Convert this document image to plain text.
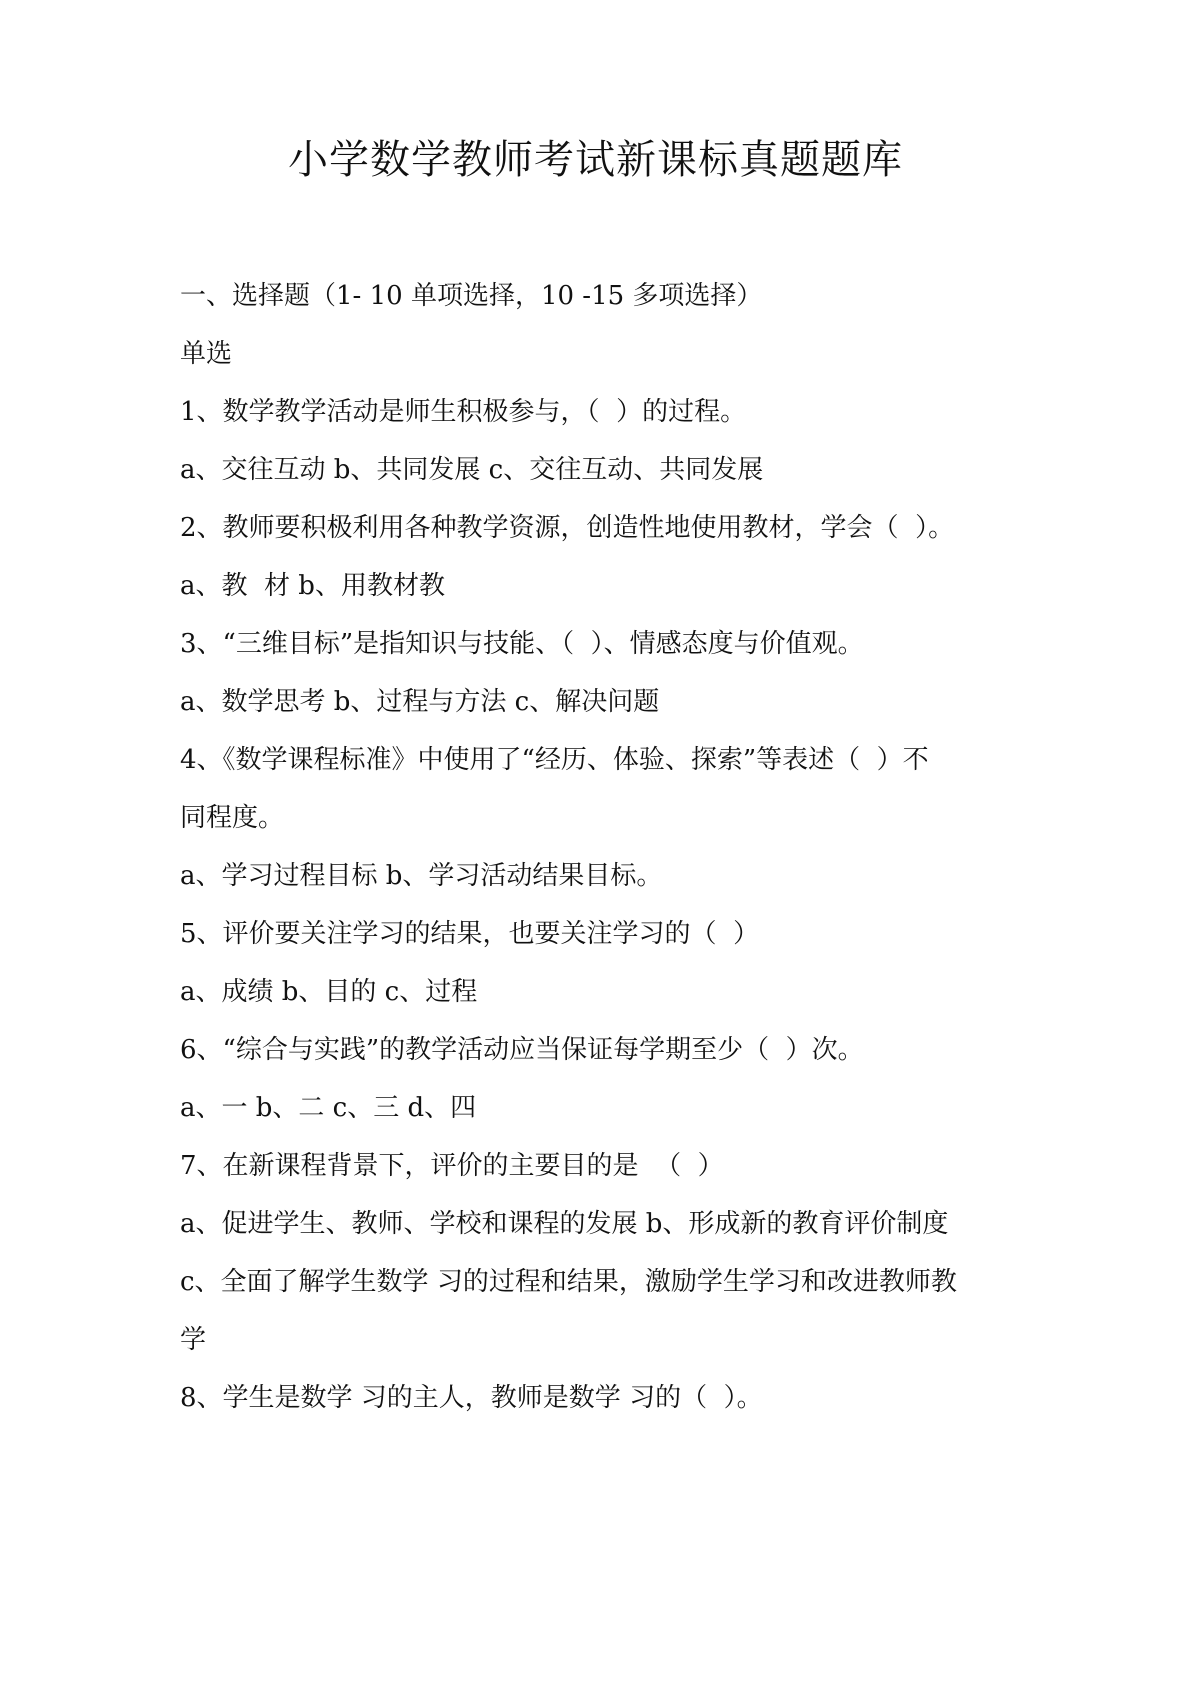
小学数学教师考试新课标真题题库
一、选择题（1- 10 单项选择，10 -15 多项选择）
单选
1、数学教学活动是师生积极参与，（  ）的过程。
a、交往互动 b、共同发展 c、交往互动、共同发展
2、教师要积极利用各种教学资源，创造性地使用教材，学会（  ）。
a、教  材 b、用教材教
3、“三维目标”是指知识与技能、（  ）、情感态度与价值观。
a、数学思考 b、过程与方法 c、解决问题
4、《数学课程标准》中使用了“经历、体验、探索”等表述（  ）不
同程度。
a、学习过程目标 b、学习活动结果目标。
5、评价要关注学习的结果，也要关注学习的（  ）
a、成绩 b、目的 c、过程
6、“综合与实践”的教学活动应当保证每学期至少（  ）次。
a、一 b、二 c、三 d、四
7、在新课程背景下，评价的主要目的是  （  ）
a、促进学生、教师、学校和课程的发展 b、形成新的教育评价制度
c、全面了解学生数学 习的过程和结果，激励学生学习和改进教师教
学
8、学生是数学 习的主人，教师是数学 习的（  ）。
